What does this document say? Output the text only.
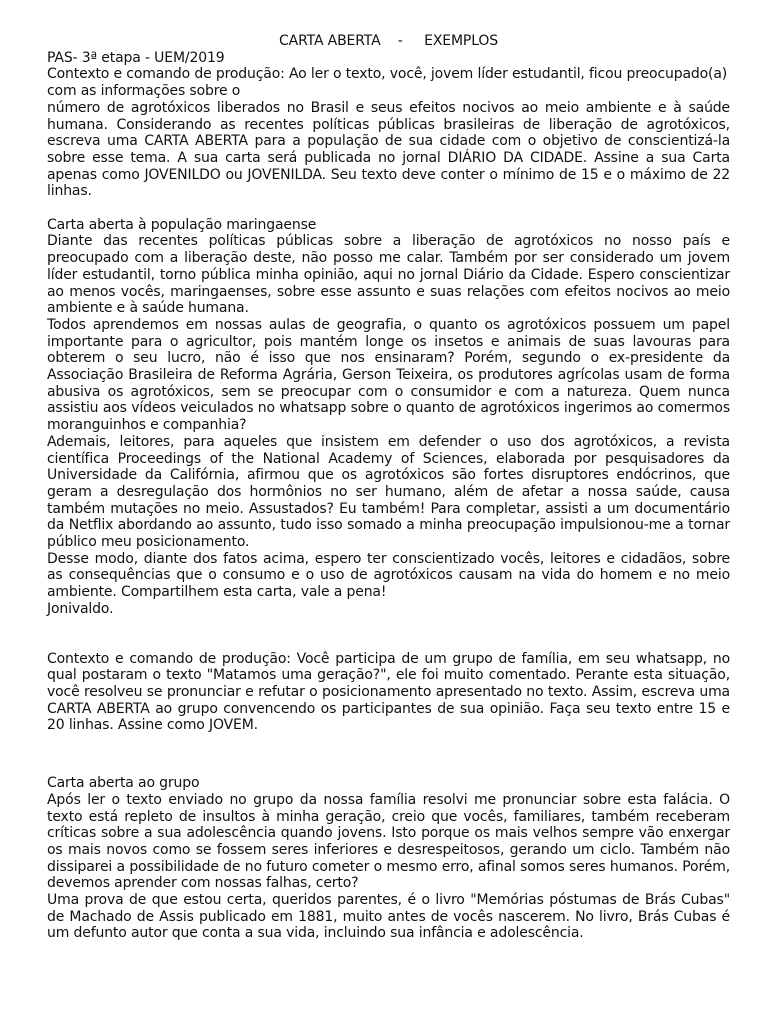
CARTA ABERTA    -     EXEMPLOS

PAS- 3ª etapa - UEM/2019

Contexto e comando de produção: Ao ler o texto, você, jovem líder estudantil, ficou preocupado(a) com as informações sobre o

número de agrotóxicos liberados no Brasil e seus efeitos nocivos ao meio ambiente e à saúde humana. Considerando as recentes políticas públicas brasileiras de liberação de agrotóxicos, escreva uma CARTA ABERTA para a população de sua cidade com o objetivo de conscientizá-la sobre esse tema. A sua carta será publicada no jornal DIÁRIO DA CIDADE. Assine a sua Carta apenas como JOVENILDO ou JOVENILDA. Seu texto deve conter o mínimo de 15 e o máximo de 22 linhas.

Carta aberta à população maringaense

Diante das recentes políticas públicas sobre a liberação de agrotóxicos no nosso país e preocupado com a liberação deste, não posso me calar. Também por ser considerado um jovem líder estudantil, torno pública minha opinião, aqui no jornal Diário da Cidade. Espero conscientizar ao menos vocês, maringaenses, sobre esse assunto e suas relações com efeitos nocivos ao meio ambiente e à saúde humana.

Todos aprendemos em nossas aulas de geografia, o quanto os agrotóxicos possuem um papel importante para o agricultor, pois mantém longe os insetos e animais de suas lavouras para obterem o seu lucro, não é isso que nos ensinaram? Porém, segundo o ex-presidente da Associação Brasileira de Reforma Agrária, Gerson Teixeira, os produtores agrícolas usam de forma abusiva os agrotóxicos, sem se preocupar com o consumidor e com a natureza. Quem nunca assistiu aos vídeos veiculados no whatsapp sobre o quanto de agrotóxicos ingerimos ao comermos moranguinhos e companhia?

Ademais, leitores, para aqueles que insistem em defender o uso dos agrotóxicos, a revista científica Proceedings of the National Academy of Sciences, elaborada por pesquisadores da Universidade da Califórnia, afirmou que os agrotóxicos são fortes disruptores endócrinos, que geram a desregulação dos hormônios no ser humano, além de afetar a nossa saúde, causa também mutações no meio. Assustados? Eu também! Para completar, assisti a um documentário da Netflix abordando ao assunto, tudo isso somado a minha preocupação impulsionou-me a tornar público meu posicionamento.

Desse modo, diante dos fatos acima, espero ter conscientizado vocês, leitores e cidadãos, sobre as consequências que o consumo e o uso de agrotóxicos causam na vida do homem e no meio ambiente. Compartilhem esta carta, vale a pena!

Jonivaldo.

Contexto e comando de produção: Você participa de um grupo de família, em seu whatsapp, no qual postaram o texto "Matamos uma geração?", ele foi muito comentado. Perante esta situação, você resolveu se pronunciar e refutar o posicionamento apresentado no texto. Assim, escreva uma CARTA ABERTA ao grupo convencendo os participantes de sua opinião. Faça seu texto entre 15 e 20 linhas. Assine como JOVEM.

Carta aberta ao grupo

Após ler o texto enviado no grupo da nossa família resolvi me pronunciar sobre esta falácia. O texto está repleto de insultos à minha geração, creio que vocês, familiares, também receberam críticas sobre a sua adolescência quando jovens. Isto porque os mais velhos sempre vão enxergar os mais novos como se fossem seres inferiores e desrespeitosos, gerando um ciclo. Também não dissiparei a possibilidade de no futuro cometer o mesmo erro, afinal somos seres humanos. Porém, devemos aprender com nossas falhas, certo?

Uma prova de que estou certa, queridos parentes, é o livro "Memórias póstumas de Brás Cubas" de Machado de Assis publicado em 1881, muito antes de vocês nascerem. No livro, Brás Cubas é um defunto autor que conta a sua vida, incluindo sua infância e adolescência.
